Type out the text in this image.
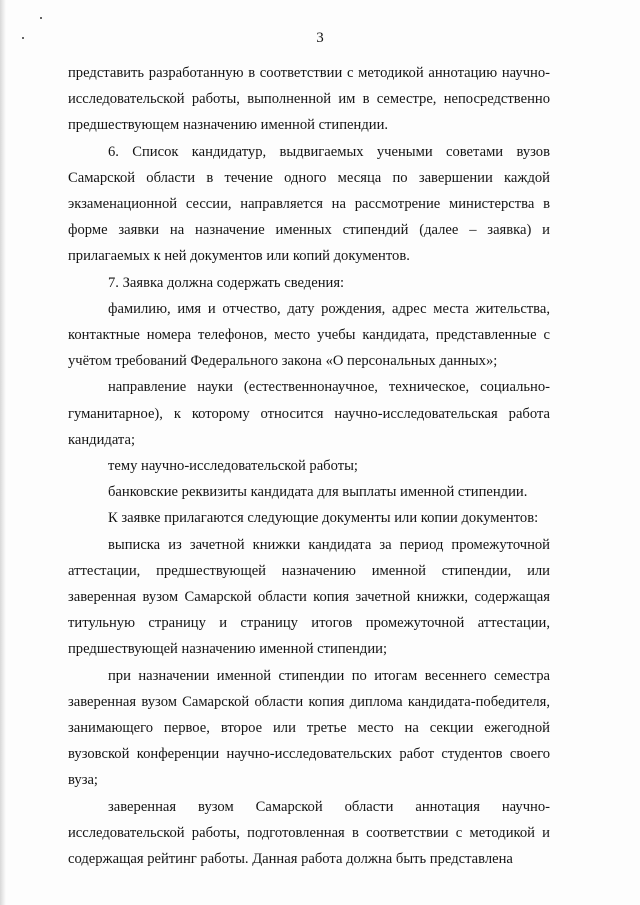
3

представить разработанную в соответствии с методикой аннотацию научно-исследовательской работы, выполненной им в семестре, непосредственно предшествующем назначению именной стипендии.

6. Список кандидатур, выдвигаемых учеными советами вузов Самарской области в течение одного месяца по завершении каждой экзаменационной сессии, направляется на рассмотрение министерства в форме заявки на назначение именных стипендий (далее – заявка) и прилагаемых к ней документов или копий документов.

7. Заявка должна содержать сведения:

фамилию, имя и отчество, дату рождения, адрес места жительства, контактные номера телефонов, место учебы кандидата, представленные с учётом требований Федерального закона «О персональных данных»;

направление науки (естественнонаучное, техническое, социально-гуманитарное), к которому относится научно-исследовательская работа кандидата;

тему научно-исследовательской работы;

банковские реквизиты кандидата для выплаты именной стипендии.

К заявке прилагаются следующие документы или копии документов:

выписка из зачетной книжки кандидата за период промежуточной аттестации, предшествующей назначению именной стипендии, или заверенная вузом Самарской области копия зачетной книжки, содержащая титульную страницу и страницу итогов промежуточной аттестации, предшествующей назначению именной стипендии;

при назначении именной стипендии по итогам весеннего семестра заверенная вузом Самарской области копия диплома кандидата-победителя, занимающего первое, второе или третье место на секции ежегодной вузовской конференции научно-исследовательских работ студентов своего вуза;

заверенная вузом Самарской области аннотация научно-исследовательской работы, подготовленная в соответствии с методикой и содержащая рейтинг работы. Данная работа должна быть представлена
